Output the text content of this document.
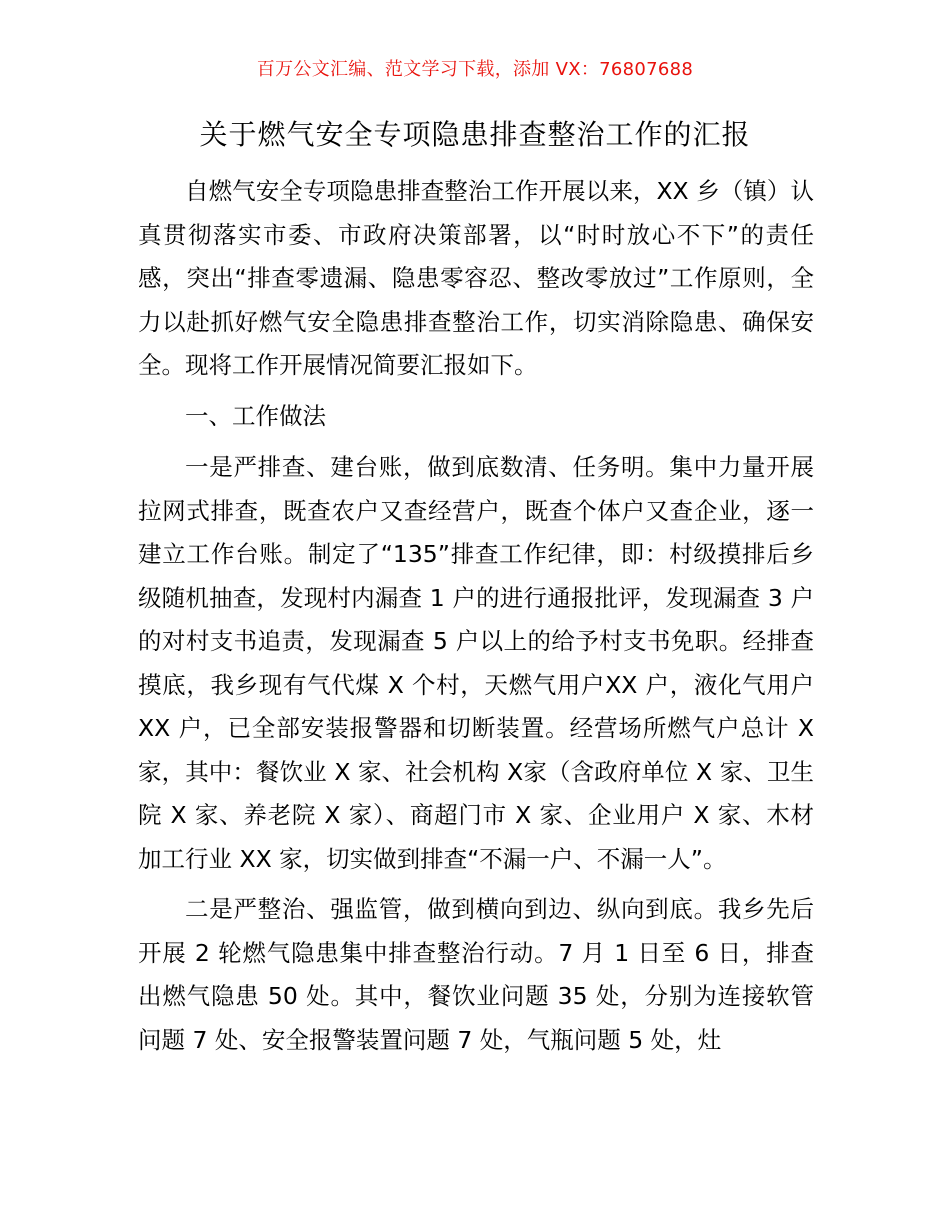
百万公文汇编、范文学习下载，添加 VX：76807688
关于燃气安全专项隐患排查整治工作的汇报

自燃气安全专项隐患排查整治工作开展以来，XX 乡（镇）认真贯彻落实市委、市政府决策部署，以“时时放心不下”的责任感，突出“排查零遗漏、隐患零容忍、整改零放过”工作原则，全力以赴抓好燃气安全隐患排查整治工作，切实消除隐患、确保安全。现将工作开展情况简要汇报如下。

一、工作做法

一是严排查、建台账，做到底数清、任务明。集中力量开展拉网式排查，既查农户又查经营户，既查个体户又查企业，逐一建立工作台账。制定了“135”排查工作纪律，即：村级摸排后乡级随机抽查，发现村内漏查 1 户的进行通报批评，发现漏查 3 户的对村支书追责，发现漏查 5 户以上的给予村支书免职。经排查摸底，我乡现有气代煤 X 个村，天燃气用户XX 户，液化气用户 XX 户，已全部安装报警器和切断装置。经营场所燃气户总计 X 家，其中：餐饮业 X 家、社会机构 X家（含政府单位 X 家、卫生院 X 家、养老院 X 家）、商超门市 X 家、企业用户 X 家、木材加工行业 XX 家，切实做到排查“不漏一户、不漏一人”。

二是严整治、强监管，做到横向到边、纵向到底。我乡先后开展 2 轮燃气隐患集中排查整治行动。7 月 1 日至 6 日，排查出燃气隐患 50 处。其中，餐饮业问题 35 处，分别为连接软管问题 7 处、安全报警装置问题 7 处，气瓶问题 5 处，灶
